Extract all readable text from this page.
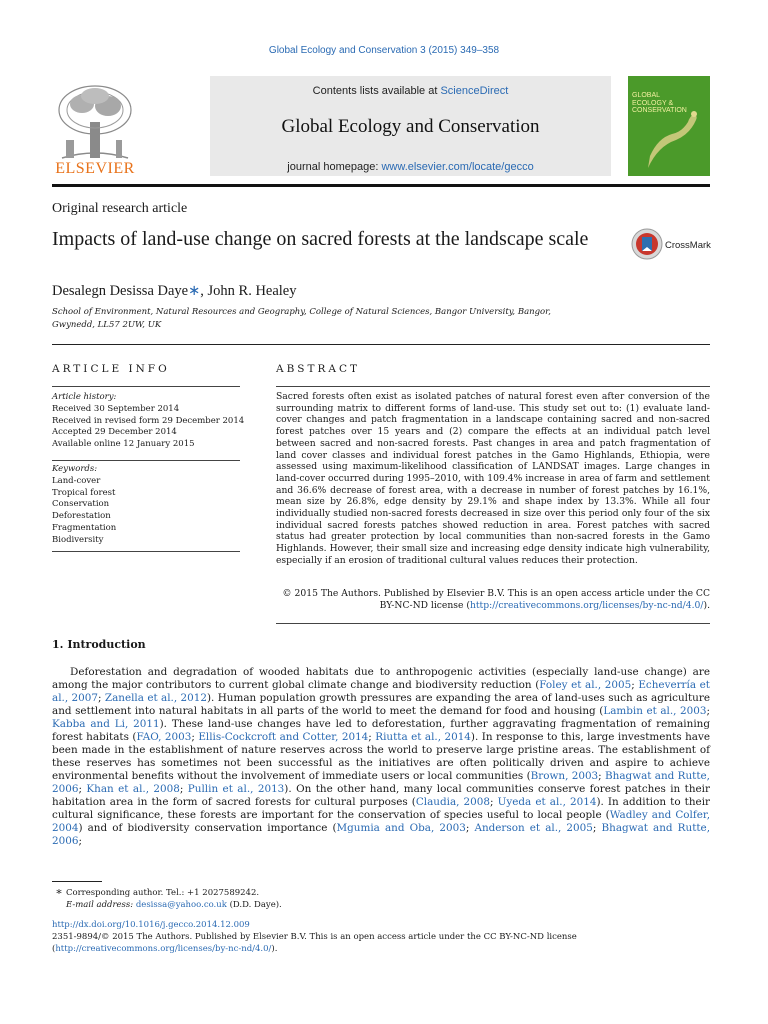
Global Ecology and Conservation 3 (2015) 349–358
ELSEVIER
Contents lists available at ScienceDirect
Global Ecology and Conservation
journal homepage: www.elsevier.com/locate/gecco
GLOBAL
ECOLOGY &
CONSERVATION
Original research article
Impacts of land-use change on sacred forests at the landscape scale	CrossMark
Desalegn Desissa Daye∗, John R. Healey
School of Environment, Natural Resources and Geography, College of Natural Sciences, Bangor University, Bangor, Gwynedd, LL57 2UW, UK
ARTICLE INFO	ABSTRACT
Article history:
Received 30 September 2014
Received in revised form 29 December 2014
Accepted 29 December 2014
Available online 12 January 2015
Keywords:
Land-cover
Tropical forest
Conservation
Deforestation
Fragmentation
Biodiversity
Sacred forests often exist as isolated patches of natural forest even after conversion of the surrounding matrix to different forms of land-use. This study set out to: (1) evaluate land-cover changes and patch fragmentation in a landscape containing sacred and non-sacred forest patches over 15 years and (2) compare the effects at an individual patch level between sacred and non-sacred forests. Past changes in area and patch fragmentation of land cover classes and individual forest patches in the Gamo Highlands, Ethiopia, were assessed using maximum-likelihood classification of LANDSAT images. Large changes in land-cover occurred during 1995–2010, with 109.4% increase in area of farm and settlement and 36.6% decrease of forest area, with a decrease in number of forest patches by 16.1%, mean size by 26.8%, edge density by 29.1% and shape index by 13.3%. While all four individually studied non-sacred forests decreased in size over this period only four of the six individual sacred forests patches showed reduction in area. Forest patches with sacred status had greater protection by local communities than non-sacred forests in the Gamo Highlands. However, their small size and increasing edge density indicate high vulnerability, especially if an erosion of traditional cultural values reduces their protection.
© 2015 The Authors. Published by Elsevier B.V. This is an open access article under the CC BY-NC-ND license (http://creativecommons.org/licenses/by-nc-nd/4.0/).
1. Introduction
Deforestation and degradation of wooded habitats due to anthropogenic activities (especially land-use change) are among the major contributors to current global climate change and biodiversity reduction (Foley et al., 2005; Echeverría et al., 2007; Zanella et al., 2012). Human population growth pressures are expanding the area of land-uses such as agriculture and settlement into natural habitats in all parts of the world to meet the demand for food and housing (Lambin et al., 2003; Kabba and Li, 2011). These land-use changes have led to deforestation, further aggravating fragmentation of remaining forest habitats (FAO, 2003; Ellis-Cockcroft and Cotter, 2014; Riutta et al., 2014). In response to this, large investments have been made in the establishment of nature reserves across the world to preserve large pristine areas. The establishment of these reserves has sometimes not been successful as the initiatives are often politically driven and aspire to achieve environmental benefits without the involvement of immediate users or local communities (Brown, 2003; Bhagwat and Rutte, 2006; Khan et al., 2008; Pullin et al., 2013). On the other hand, many local communities conserve forest patches in their habitation area in the form of sacred forests for cultural purposes (Claudia, 2008; Uyeda et al., 2014). In addition to their cultural significance, these forests are important for the conservation of species useful to local people (Wadley and Colfer, 2004) and of biodiversity conservation importance (Mgumia and Oba, 2003; Anderson et al., 2005; Bhagwat and Rutte, 2006;
∗ Corresponding author. Tel.: +1 2027589242.
E-mail address: desissa@yahoo.co.uk (D.D. Daye).
http://dx.doi.org/10.1016/j.gecco.2014.12.009
2351-9894/© 2015 The Authors. Published by Elsevier B.V. This is an open access article under the CC BY-NC-ND license (http://creativecommons.org/licenses/by-nc-nd/4.0/).
